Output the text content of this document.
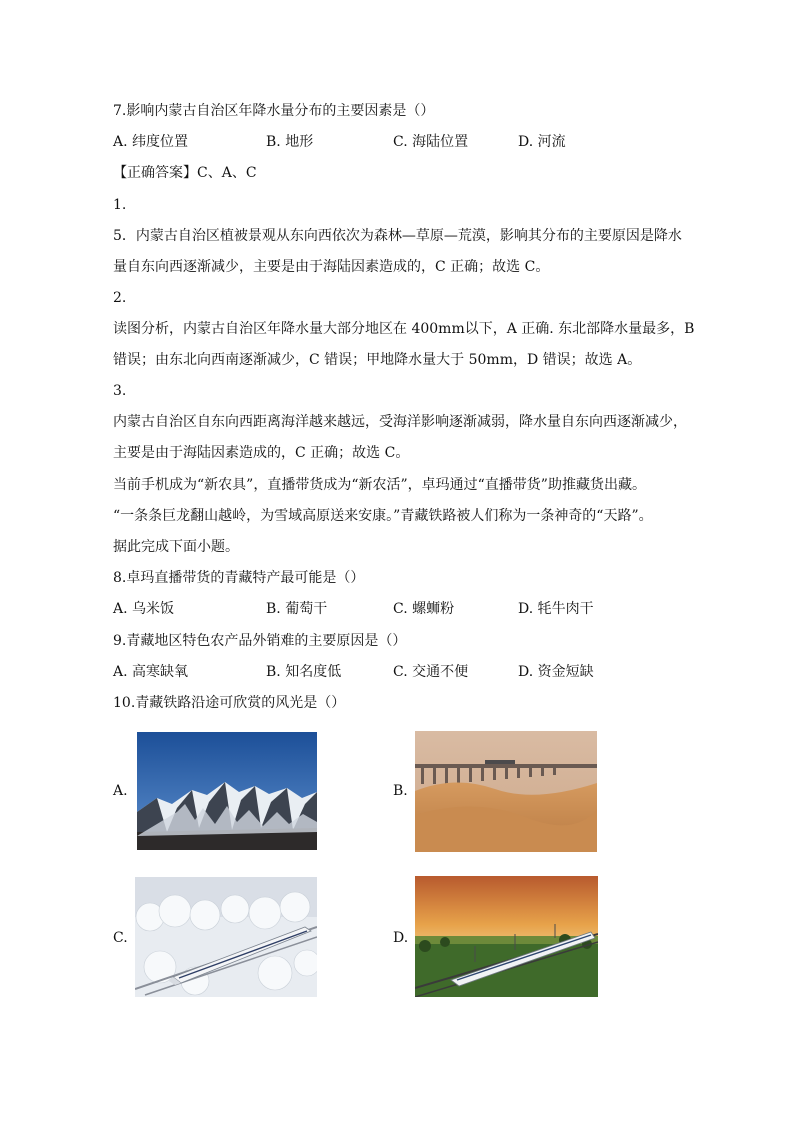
7.影响内蒙古自治区年降水量分布的主要因素是（）
A. 纬度位置	B. 地形	C. 海陆位置	D. 河流
【正确答案】C、A、C
1.
5．内蒙古自治区植被景观从东向西依次为森林—草原—荒漠，影响其分布的主要原因是降水
量自东向西逐渐减少，主要是由于海陆因素造成的，C 正确；故选 C。
2.
读图分析，内蒙古自治区年降水量大部分地区在 400mm以下，A 正确. 东北部降水量最多，B
错误；由东北向西南逐渐减少，C 错误；甲地降水量大于 50mm，D 错误；故选 A。
3.
内蒙古自治区自东向西距离海洋越来越远，受海洋影响逐渐减弱，降水量自东向西逐渐减少，
主要是由于海陆因素造成的，C 正确；故选 C。
当前手机成为“新农具”，直播带货成为“新农活”，卓玛通过“直播带货”助推藏货出藏。
“一条条巨龙翻山越岭，为雪域高原送来安康。”青藏铁路被人们称为一条神奇的“天路”。
据此完成下面小题。
8.卓玛直播带货的青藏特产最可能是（）
A. 乌米饭	B. 葡萄干	C. 螺蛳粉	D. 牦牛肉干
9.青藏地区特色农产品外销难的主要原因是（）
A. 高寒缺氧	B. 知名度低	C. 交通不便	D. 资金短缺
10.青藏铁路沿途可欣赏的风光是（）
A.	B.
C.	D.
